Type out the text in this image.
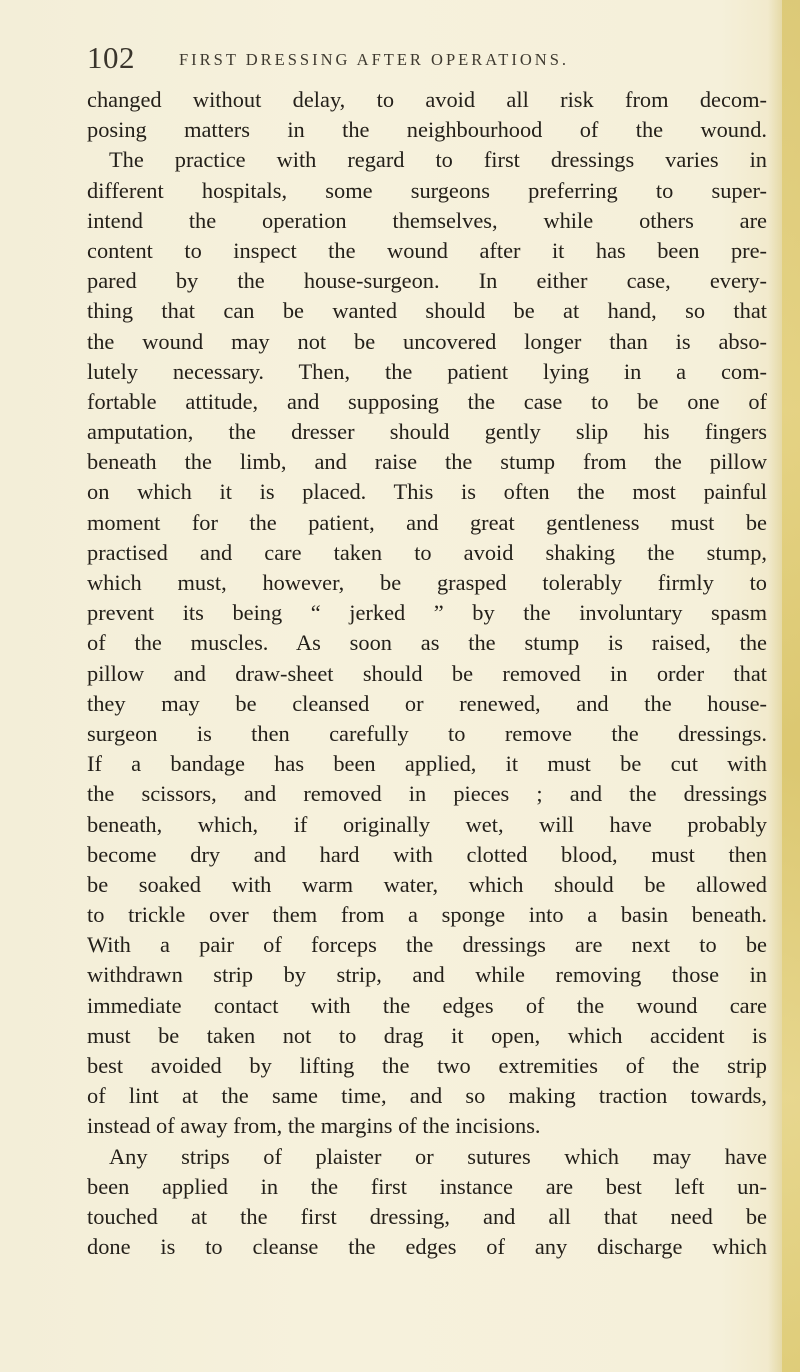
102	FIRST DRESSING AFTER OPERATIONS.
changed without delay, to avoid all risk from decom-
posing matters in the neighbourhood of the wound.
The practice with regard to first dressings varies in
different hospitals, some surgeons preferring to super-
intend the operation themselves, while others are
content to inspect the wound after it has been pre-
pared by the house-surgeon. In either case, every-
thing that can be wanted should be at hand, so that
the wound may not be uncovered longer than is abso-
lutely necessary. Then, the patient lying in a com-
fortable attitude, and supposing the case to be one of
amputation, the dresser should gently slip his fingers
beneath the limb, and raise the stump from the pillow
on which it is placed. This is often the most painful
moment for the patient, and great gentleness must be
practised and care taken to avoid shaking the stump,
which must, however, be grasped tolerably firmly to
prevent its being “ jerked ” by the involuntary spasm
of the muscles. As soon as the stump is raised, the
pillow and draw-sheet should be removed in order that
they may be cleansed or renewed, and the house-
surgeon is then carefully to remove the dressings.
If a bandage has been applied, it must be cut with
the scissors, and removed in pieces ; and the dressings
beneath, which, if originally wet, will have probably
become dry and hard with clotted blood, must then
be soaked with warm water, which should be allowed
to trickle over them from a sponge into a basin beneath.
With a pair of forceps the dressings are next to be
withdrawn strip by strip, and while removing those in
immediate contact with the edges of the wound care
must be taken not to drag it open, which accident is
best avoided by lifting the two extremities of the strip
of lint at the same time, and so making traction towards,
instead of away from, the margins of the incisions.
Any strips of plaister or sutures which may have
been applied in the first instance are best left un-
touched at the first dressing, and all that need be
done is to cleanse the edges of any discharge which
